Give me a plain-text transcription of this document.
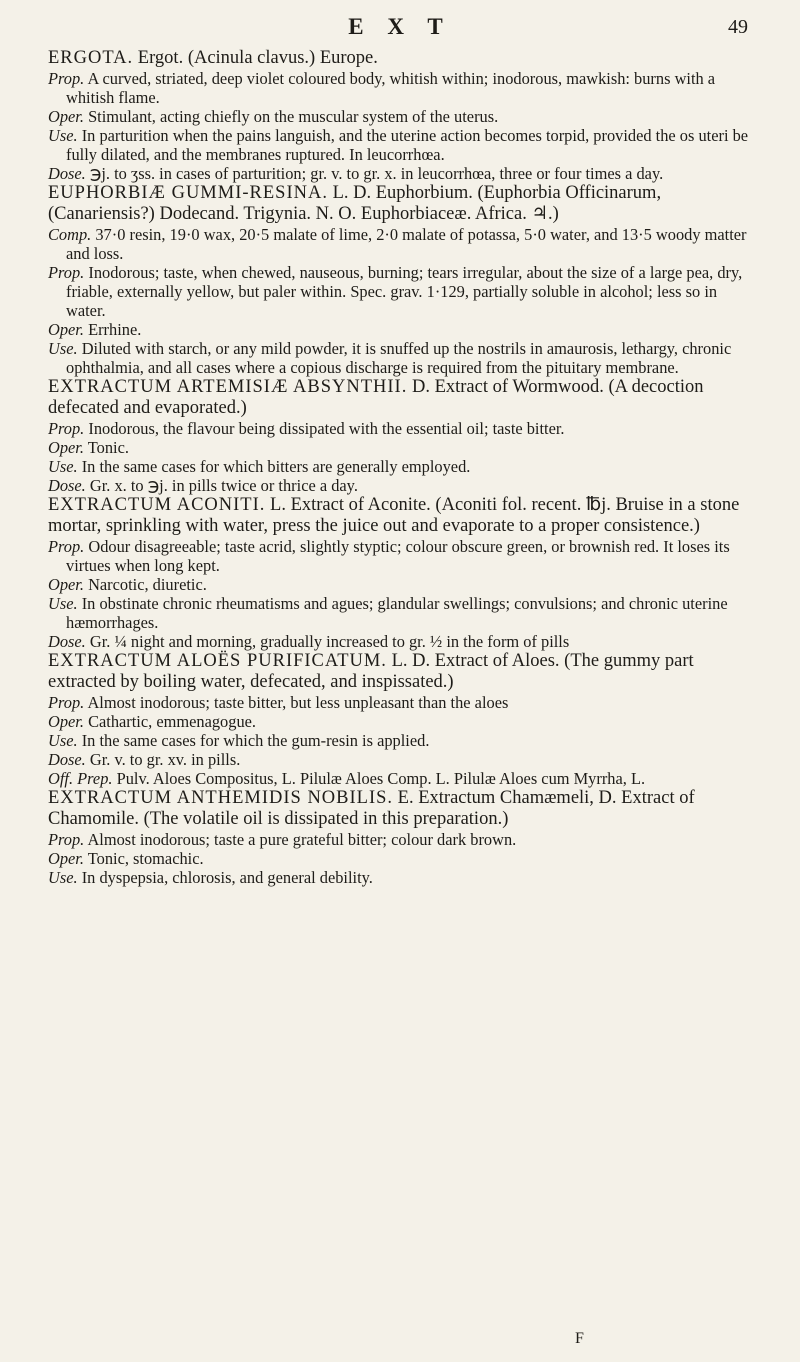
E X T	49

ERGOTA. Ergot. (Acinula clavus.) Europe.

Prop. A curved, striated, deep violet coloured body, whitish within; inodorous, mawkish: burns with a whitish flame.

Oper. Stimulant, acting chiefly on the muscular system of the uterus.

Use. In parturition when the pains languish, and the uterine action becomes torpid, provided the os uteri be fully dilated, and the membranes ruptured. In leucorrhœa.

Dose. ℈j. to ʒss. in cases of parturition; gr. v. to gr. x. in leucorrhœa, three or four times a day.

EUPHORBIÆ GUMMI-RESINA. L. D. Euphorbium. (Euphorbia Officinarum, (Canariensis?) Dodecand. Trigynia. N. O. Euphorbiaceæ. Africa. ♃.)

Comp. 37·0 resin, 19·0 wax, 20·5 malate of lime, 2·0 malate of potassa, 5·0 water, and 13·5 woody matter and loss.

Prop. Inodorous; taste, when chewed, nauseous, burning; tears irregular, about the size of a large pea, dry, friable, externally yellow, but paler within. Spec. grav. 1·129, partially soluble in alcohol; less so in water.

Oper. Errhine.

Use. Diluted with starch, or any mild powder, it is snuffed up the nostrils in amaurosis, lethargy, chronic ophthalmia, and all cases where a copious discharge is required from the pituitary membrane.

EXTRACTUM ARTEMISIÆ ABSYNTHII. D. Extract of Wormwood. (A decoction defecated and evaporated.)

Prop. Inodorous, the flavour being dissipated with the essential oil; taste bitter.

Oper. Tonic.

Use. In the same cases for which bitters are generally employed.

Dose. Gr. x. to ℈j. in pills twice or thrice a day.

EXTRACTUM ACONITI. L. Extract of Aconite. (Aconiti fol. recent. ℔j. Bruise in a stone mortar, sprinkling with water, press the juice out and evaporate to a proper consistence.)

Prop. Odour disagreeable; taste acrid, slightly styptic; colour obscure green, or brownish red. It loses its virtues when long kept.

Oper. Narcotic, diuretic.

Use. In obstinate chronic rheumatisms and agues; glandular swellings; convulsions; and chronic uterine hæmorrhages.

Dose. Gr. ¼ night and morning, gradually increased to gr. ½ in the form of pills

EXTRACTUM ALOËS PURIFICATUM. L. D. Extract of Aloes. (The gummy part extracted by boiling water, defecated, and inspissated.)

Prop. Almost inodorous; taste bitter, but less unpleasant than the aloes

Oper. Cathartic, emmenagogue.

Use. In the same cases for which the gum-resin is applied.

Dose. Gr. v. to gr. xv. in pills.

Off. Prep. Pulv. Aloes Compositus, L. Pilulæ Aloes Comp. L. Pilulæ Aloes cum Myrrha, L.

EXTRACTUM ANTHEMIDIS NOBILIS. E. Extractum Chamæmeli, D. Extract of Chamomile. (The volatile oil is dissipated in this preparation.)

Prop. Almost inodorous; taste a pure grateful bitter; colour dark brown.

Oper. Tonic, stomachic.

Use. In dyspepsia, chlorosis, and general debility.

F
